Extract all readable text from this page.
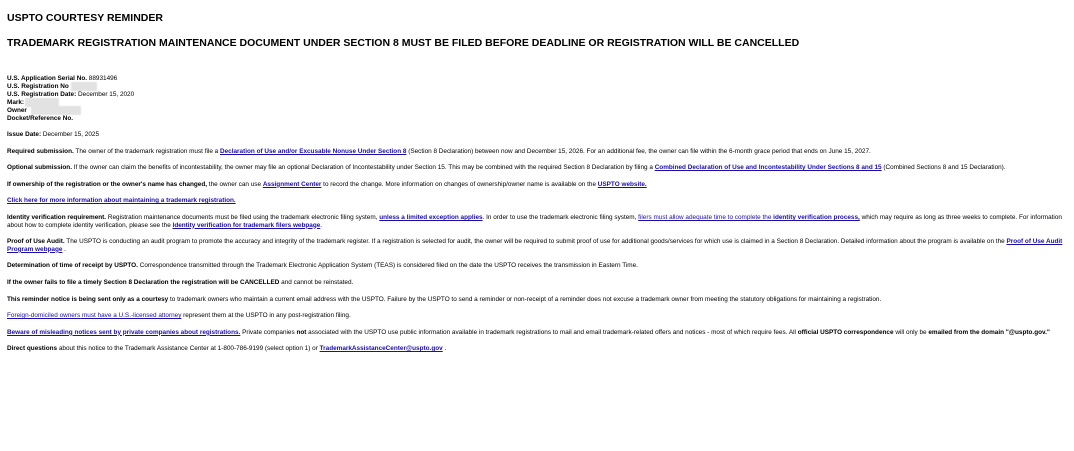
USPTO COURTESY REMINDER
TRADEMARK REGISTRATION MAINTENANCE DOCUMENT UNDER SECTION 8 MUST BE FILED BEFORE DEADLINE OR REGISTRATION WILL BE CANCELLED
U.S. Application Serial No. 88931496
U.S. Registration No
U.S. Registration Date: December 15, 2020
Mark:
Owner
Docket/Reference No.

Issue Date: December 15, 2025

Required submission. The owner of the trademark registration must file a Declaration of Use and/or Excusable Nonuse Under Section 8 (Section 8 Declaration) between now and December 15, 2026. For an additional fee, the owner can file within the 6-month grace period that ends on June 15, 2027.

Optional submission. If the owner can claim the benefits of incontestability, the owner may file an optional Declaration of Incontestability under Section 15. This may be combined with the required Section 8 Declaration by filing a Combined Declaration of Use and Incontestability Under Sections 8 and 15 (Combined Sections 8 and 15 Declaration).

If ownership of the registration or the owner's name has changed, the owner can use Assignment Center to record the change. More information on changes of ownership/owner name is available on the USPTO website.

Click here for more information about maintaining a trademark registration.

Identity verification requirement. Registration maintenance documents must be filed using the trademark electronic filing system, unless a limited exception applies. In order to use the trademark electronic filing system, filers must allow adequate time to complete the identity verification process, which may require as long as three weeks to complete. For information about how to complete identity verification, please see the Identity verification for trademark filers webpage.

Proof of Use Audit. The USPTO is conducting an audit program to promote the accuracy and integrity of the trademark register. If a registration is selected for audit, the owner will be required to submit proof of use for additional goods/services for which use is claimed in a Section 8 Declaration. Detailed information about the program is available on the Proof of Use Audit Program webpage .

Determination of time of receipt by USPTO. Correspondence transmitted through the Trademark Electronic Application System (TEAS) is considered filed on the date the USPTO receives the transmission in Eastern Time.

If the owner fails to file a timely Section 8 Declaration the registration will be CANCELLED and cannot be reinstated.

This reminder notice is being sent only as a courtesy to trademark owners who maintain a current email address with the USPTO. Failure by the USPTO to send a reminder or non-receipt of a reminder does not excuse a trademark owner from meeting the statutory obligations for maintaining a registration.

Foreign-domiciled owners must have a U.S.-licensed attorney represent them at the USPTO in any post-registration filing.

Beware of misleading notices sent by private companies about registrations. Private companies not associated with the USPTO use public information available in trademark registrations to mail and email trademark-related offers and notices - most of which require fees. All official USPTO correspondence will only be emailed from the domain "@uspto.gov."

Direct questions about this notice to the Trademark Assistance Center at 1-800-786-9199 (select option 1) or TrademarkAssistanceCenter@uspto.gov .
